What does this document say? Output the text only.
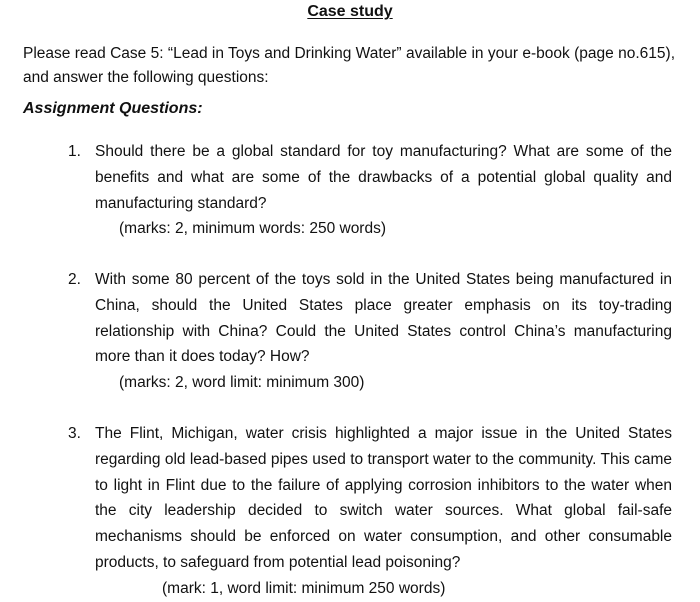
Case study
Please read Case 5: “Lead in Toys and Drinking Water” available in your e-book (page no.615), and answer the following questions:
Assignment Questions:
1. Should there be a global standard for toy manufacturing? What are some of the benefits and what are some of the drawbacks of a potential global quality and manufacturing standard?
(marks: 2, minimum words: 250 words)
2. With some 80 percent of the toys sold in the United States being manufactured in China, should the United States place greater emphasis on its toy-trading relationship with China? Could the United States control China’s manufacturing more than it does today? How?
(marks: 2, word limit: minimum 300)
3. The Flint, Michigan, water crisis highlighted a major issue in the United States regarding old lead-based pipes used to transport water to the community. This came to light in Flint due to the failure of applying corrosion inhibitors to the water when the city leadership decided to switch water sources. What global fail-safe mechanisms should be enforced on water consumption, and other consumable products, to safeguard from potential lead poisoning?
(mark: 1, word limit: minimum 250 words)
